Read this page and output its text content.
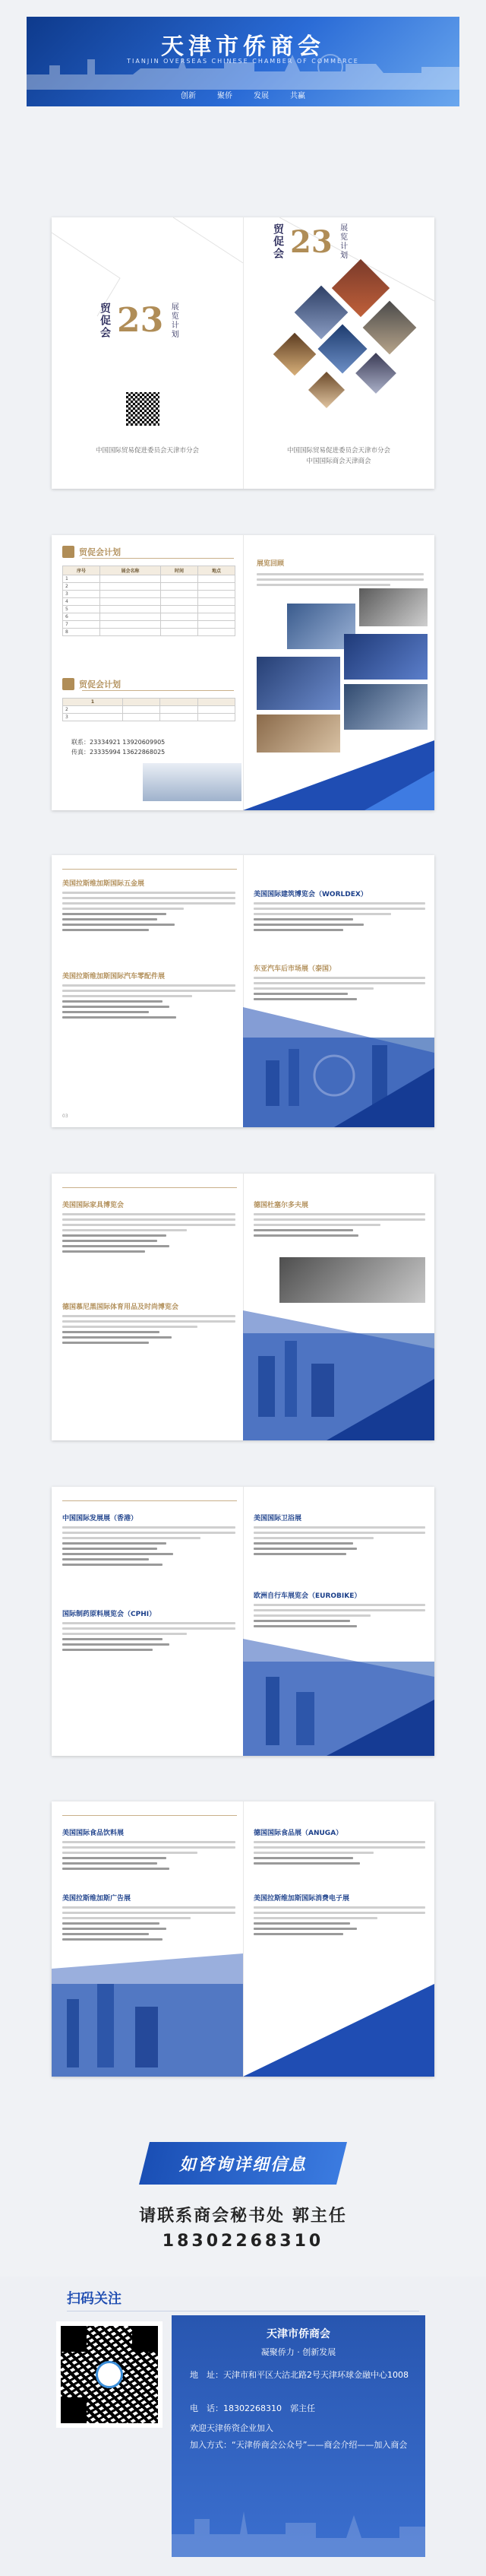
天津市侨商会
TIANJIN OVERSEAS CHINESE CHAMBER OF COMMERCE
创新	聚侨	发展	共赢
贸促会 23 展览计划
中国国际贸易促进委员会天津市分会
贸促会 23 展览计划
中国国际贸易促进委员会天津市分会
中国国际商会天津商会
贸促会计划
序号	展会名称	时间	地点
1			
2			
3			
4			
5			
6			
7			
8			
贸促会计划
1			
2			
3			
联系：23334921 13920609905
传真：23335994 13622868025
展览回顾
美国拉斯维加斯国际五金展
美国拉斯维加斯国际汽车零配件展
美国国际建筑博览会（WORLDEX）
东亚汽车后市场展（泰国）
03
美国国际家具博览会
德国慕尼黑国际体育用品及时尚博览会
德国杜塞尔多夫展
中国国际发展展（香港）
国际制药原料展览会（CPHI）
美国国际卫浴展
欧洲自行车展览会（EUROBIKE）
美国国际食品饮料展
美国拉斯维加斯广告展
德国国际食品展（ANUGA）
美国拉斯维加斯国际消费电子展
如咨询详细信息
请联系商会秘书处 郭主任
18302268310
扫码关注
天津市侨商会
凝聚侨力 · 创新发展
地　址：天津市和平区大沽北路2号天津环球金融中心1008
电　话：18302268310　郭主任
欢迎天津侨资企业加入
加入方式：“天津侨商会公众号”——商会介绍——加入商会
